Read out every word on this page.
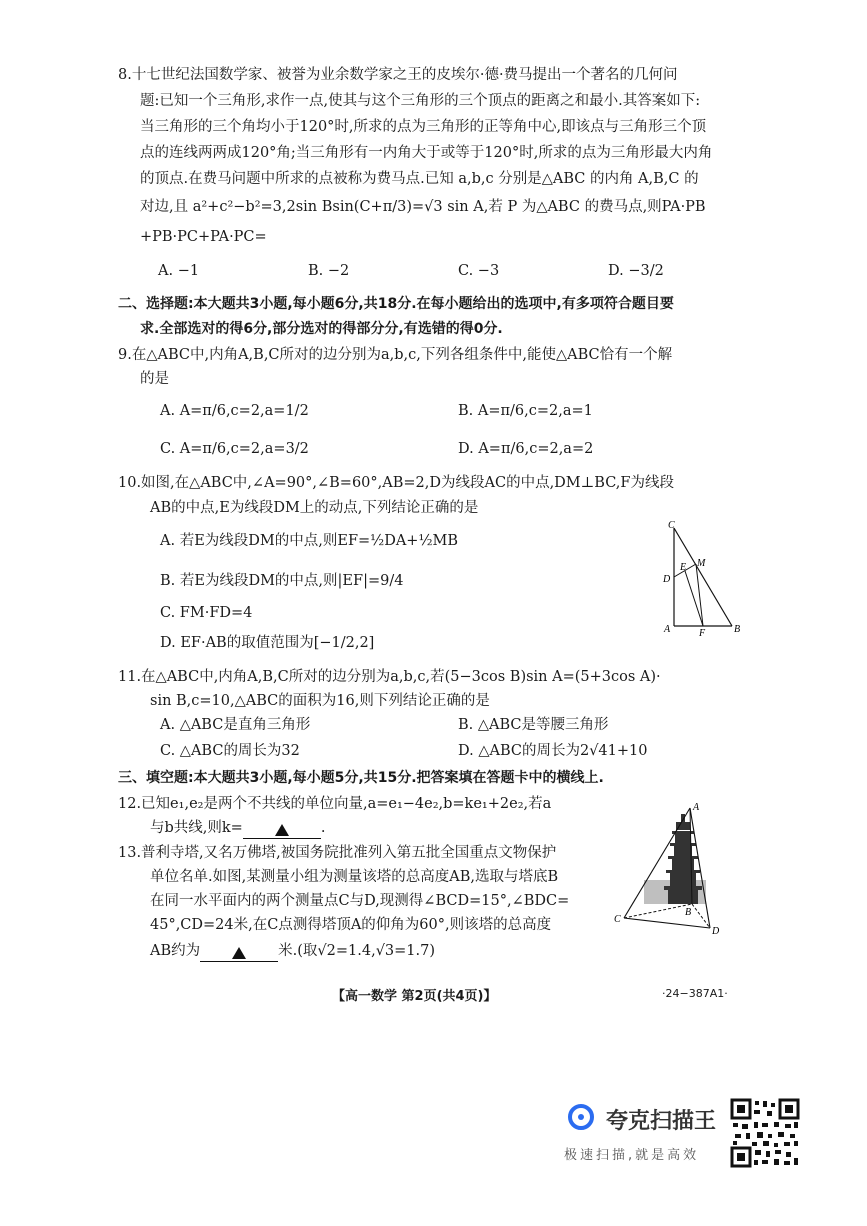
8.十七世纪法国数学家、被誉为业余数学家之王的皮埃尔·德·费马提出一个著名的几何问
题:已知一个三角形,求作一点,使其与这个三角形的三个顶点的距离之和最小.其答案如下:
当三角形的三个角均小于120°时,所求的点为三角形的正等角中心,即该点与三角形三个顶
点的连线两两成120°角;当三角形有一内角大于或等于120°时,所求的点为三角形最大内角
的顶点.在费马问题中所求的点被称为费马点.已知 a,b,c 分别是△ABC 的内角 A,B,C 的
对边,且 a²+c²−b²=3,2sin Bsin(C+π/3)=√3 sin A,若 P 为△ABC 的费马点,则PA·PB
+PB·PC+PA·PC=
A. −1	B. −2	C. −3	D. −3/2
二、选择题:本大题共3小题,每小题6分,共18分.在每小题给出的选项中,有多项符合题目要
求.全部选对的得6分,部分选对的得部分分,有选错的得0分.
9.在△ABC中,内角A,B,C所对的边分别为a,b,c,下列各组条件中,能使△ABC恰有一个解
的是
A. A=π/6,c=2,a=1/2	B. A=π/6,c=2,a=1
C. A=π/6,c=2,a=3/2	D. A=π/6,c=2,a=2
10.如图,在△ABC中,∠A=90°,∠B=60°,AB=2,D为线段AC的中点,DM⊥BC,F为线段
AB的中点,E为线段DM上的动点,下列结论正确的是
A. 若E为线段DM的中点,则EF=½DA+½MB
B. 若E为线段DM的中点,则|EF|=9/4
C. FM·FD=4
D. EF·AB的取值范围为[−1/2,2]
C
M
E
D
A	F	B
11.在△ABC中,内角A,B,C所对的边分别为a,b,c,若(5−3cos B)sin A=(5+3cos A)·
sin B,c=10,△ABC的面积为16,则下列结论正确的是
A. △ABC是直角三角形	B. △ABC是等腰三角形
C. △ABC的周长为32	D. △ABC的周长为2√41+10
三、填空题:本大题共3小题,每小题5分,共15分.把答案填在答题卡中的横线上.
12.已知e₁,e₂是两个不共线的单位向量,a=e₁−4e₂,b=ke₁+2e₂,若a
与b共线,则k=	.
13.普利寺塔,又名万佛塔,被国务院批准列入第五批全国重点文物保护
单位名单.如图,某测量小组为测量该塔的总高度AB,选取与塔底B
在同一水平面内的两个测量点C与D,现测得∠BCD=15°,∠BDC=
45°,CD=24米,在C点测得塔顶A的仰角为60°,则该塔的总高度
AB约为	米.(取√2=1.4,√3=1.7)
A
B
C
D
【高一数学 第2页(共4页)】	·24−387A1·
夸克扫描王
极速扫描,就是高效
